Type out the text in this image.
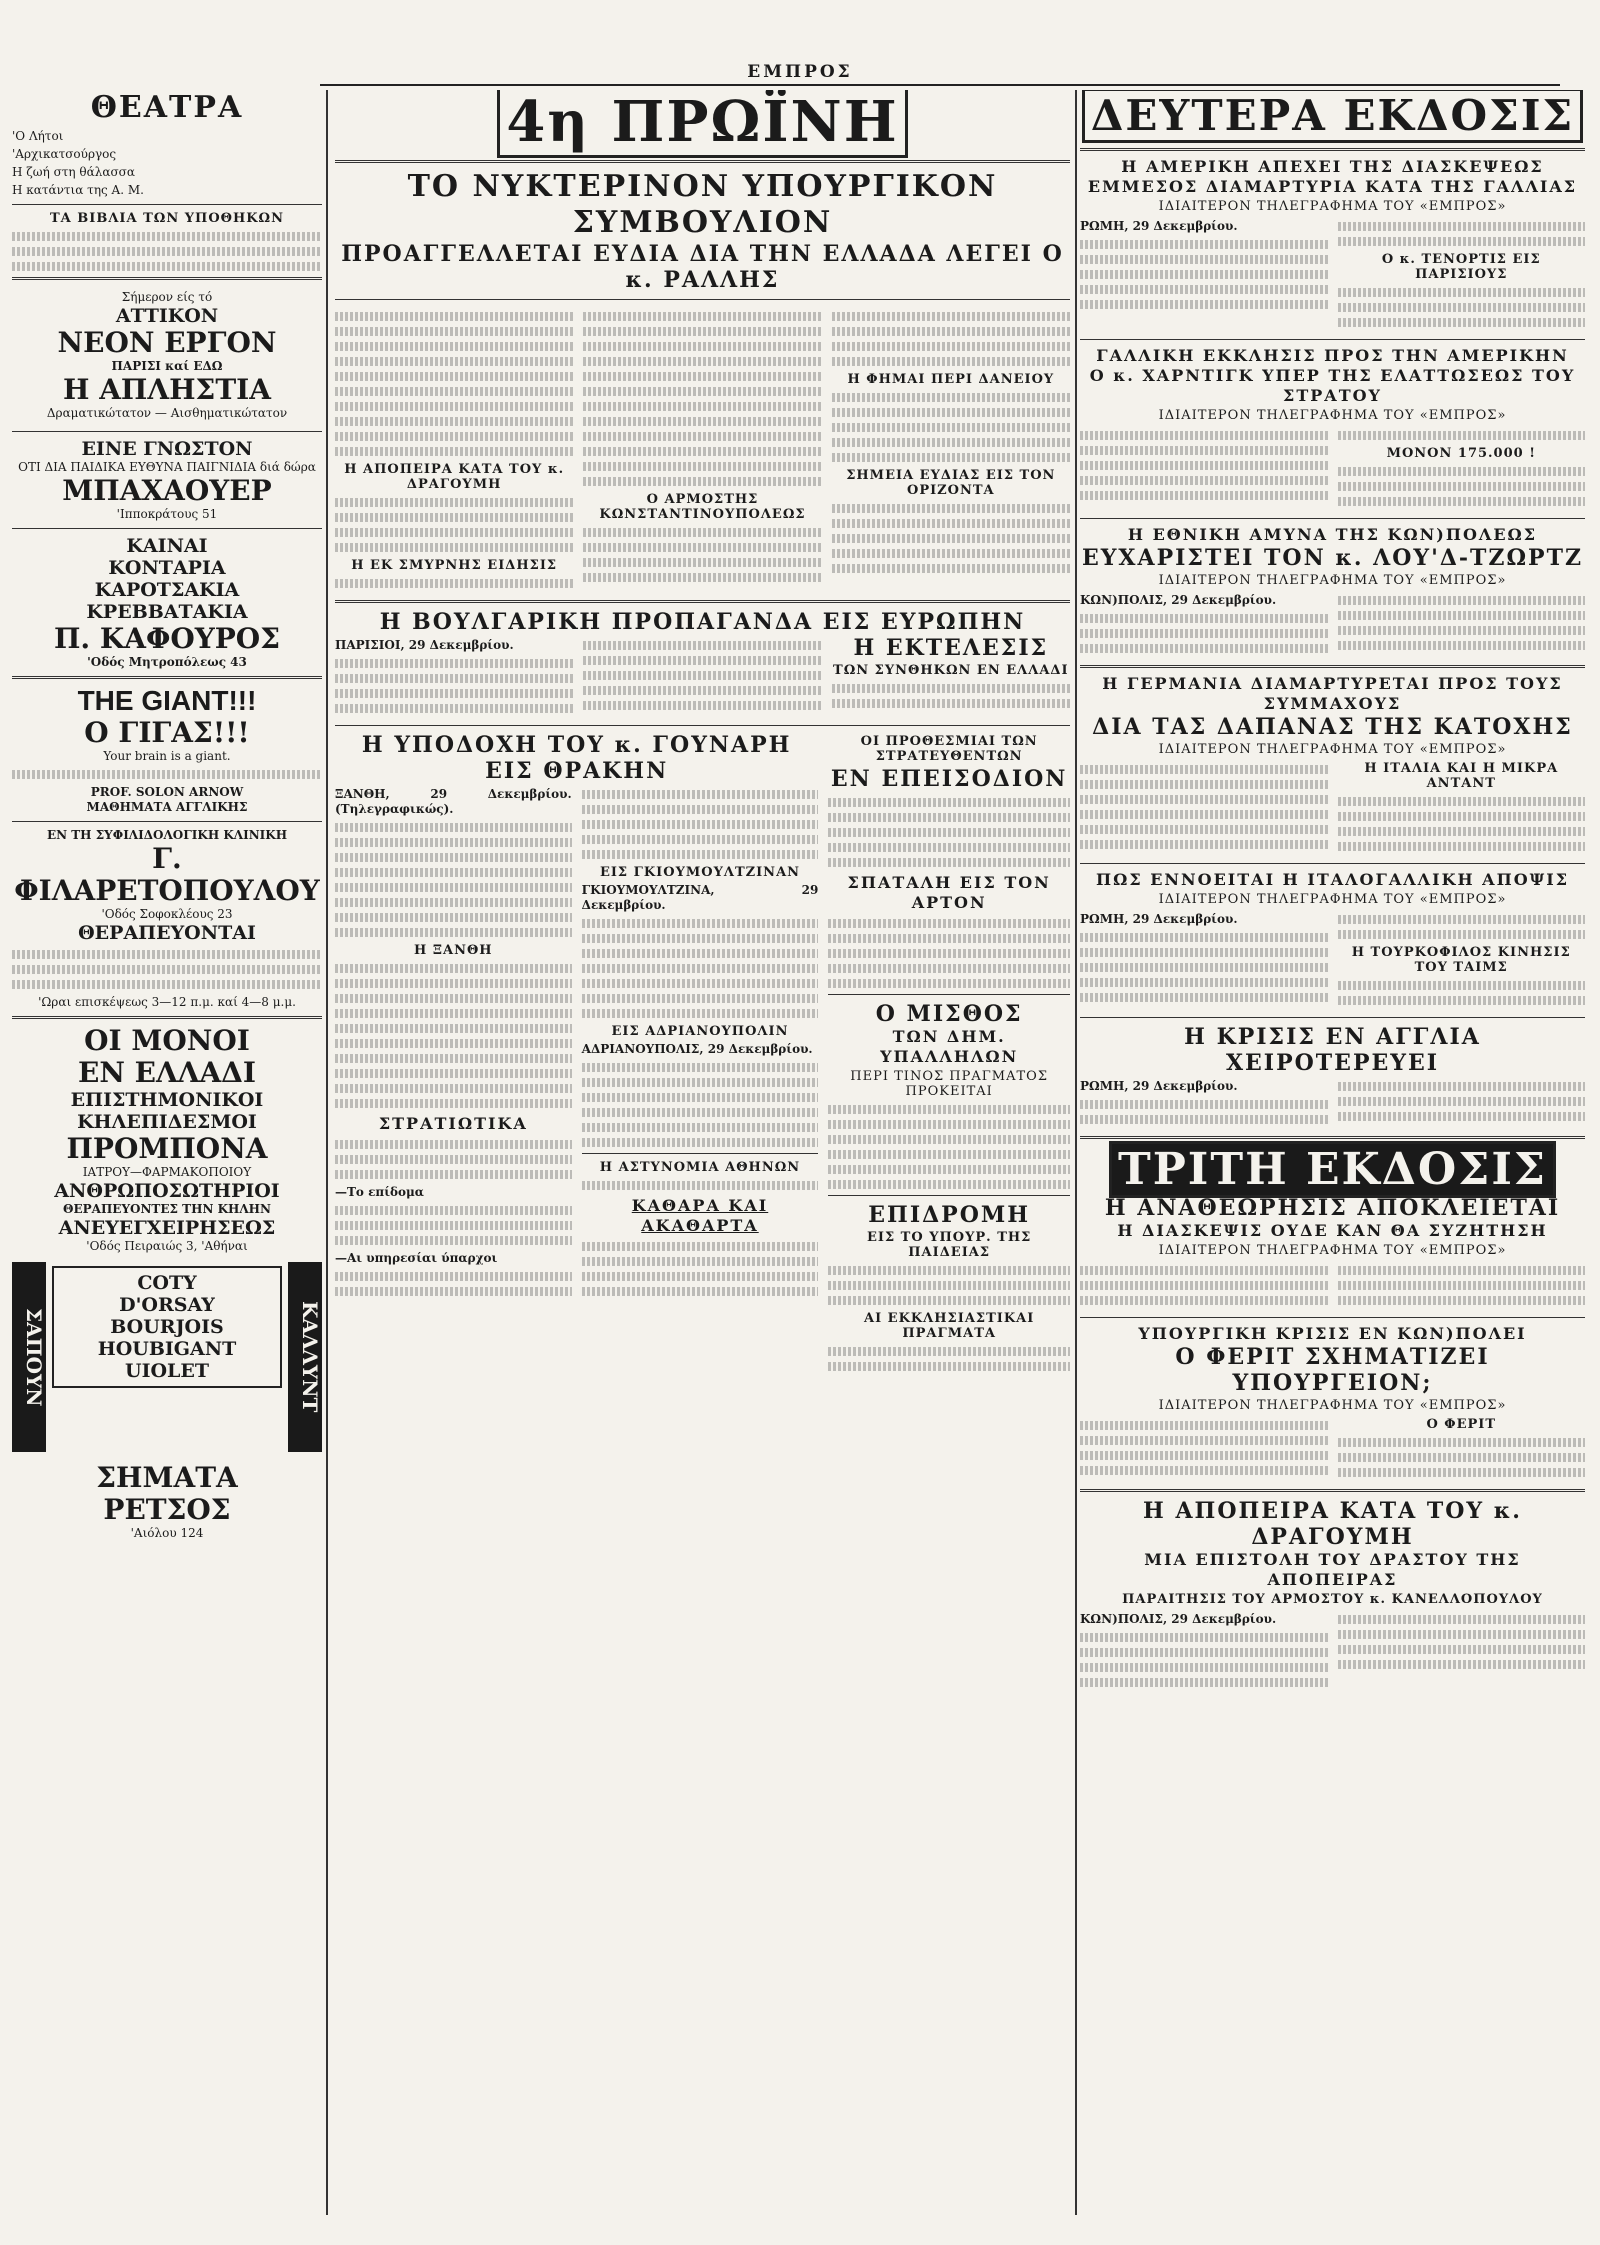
ΕΜΠΡΟΣ
ΘΕΑΤΡΑ
'Ο Λήτοι
'Αρχικατσούργος
Η ζωή στη θάλασσα
Η κατάντια της Α. Μ.
ΤΑ ΒΙΒΛΙΑ ΤΩΝ ΥΠΟΘΗΚΩΝ
Σήμερον είς τό
ΑΤΤΙΚΟΝ
ΝΕΟΝ ΕΡΓΟΝ
ΠΑΡΙΣΙ καί ΕΔΩ
Η ΑΠΛΗΣΤΙΑ
Δραματικώτατον — Αισθηματικώτατον
ΕΙΝΕ ΓΝΩΣΤΟΝ
ΟΤΙ ΔΙΑ ΠΑΙΔΙΚΑ ΕΥΘΥΝΑ ΠΑΙΓΝΙΔΙΑ διά δώρα
ΜΠΑΧΑΟΥΕΡ
'Ιπποκράτους 51
ΚΑΙΝΑΙ
ΚΟΝΤΑΡΙΑ
ΚΑΡΟΤΣΑΚΙΑ
ΚΡΕΒΒΑΤΑΚΙΑ
Π. ΚΑΦΟΥΡΟΣ
'Οδός Μητροπόλεως 43
THE GIANT!!!
Ο ΓΙΓΑΣ!!!
Your brain is a giant.
PROF. SOLON ARNOW
ΜΑΘΗΜΑΤΑ ΑΓΓΛΙΚΗΣ
ΕΝ ΤΗ ΣΥΦΙΛΙΔΟΛΟΓΙΚΗ ΚΛΙΝΙΚΗ
Γ. ΦΙΛΑΡΕΤΟΠΟΥΛΟΥ
'Οδός Σοφοκλέους 23
ΘΕΡΑΠΕΥΟΝΤΑΙ
'Ωραι επισκέψεως 3—12 π.μ. καί 4—8 μ.μ.
ΟΙ ΜΟΝΟΙ
ΕΝ ΕΛΛΑΔΙ
ΕΠΙΣΤΗΜΟΝΙΚΟΙ
ΚΗΛΕΠΙΔΕΣΜΟΙ
ΠΡΟΜΠΟΝΑ
ΙΑΤΡΟΥ—ΦΑΡΜΑΚΟΠΟΙΟΥ
ΑΝΘΡΩΠΟΣΩΤΗΡΙΟΙ
ΘΕΡΑΠΕΥΟΝΤΕΣ ΤΗΝ ΚΗΛΗΝ
ΑΝΕΥΕΓΧΕΙΡΗΣΕΩΣ
'Οδός Πειραιώς 3, 'Αθήναι
ΣΑΠΟΥΝ
COTY
D'ORSAY
BOURJOIS
HOUBIGANT
UIOLET	ΚΑΛΛΥΝΤ
ΣΗΜΑΤΑ
ΡΕΤΣΟΣ
'Αιόλου 124
4η ΠΡΩΪΝΗ
ΤΟ ΝΥΚΤΕΡΙΝΟΝ ΥΠΟΥΡΓΙΚΟΝ ΣΥΜΒΟΥΛΙΟΝ
ΠΡΟΑΓΓΕΛΛΕΤΑΙ ΕΥΔΙΑ ΔΙΑ ΤΗΝ ΕΛΛΑΔΑ ΛΕΓΕΙ Ο κ. ΡΑΛΛΗΣ
Η ΑΠΟΠΕΙΡΑ ΚΑΤΑ ΤΟΥ κ. ΔΡΑΓΟΥΜΗ
Η ΕΚ ΣΜΥΡΝΗΣ ΕΙΔΗΣΙΣ
Ο ΑΡΜΟΣΤΗΣ ΚΩΝΣΤΑΝΤΙΝΟΥΠΟΛΕΩΣ
Η ΦΗΜΑΙ ΠΕΡΙ ΔΑΝΕΙΟΥ
ΣΗΜΕΙΑ ΕΥΔΙΑΣ ΕΙΣ ΤΟΝ ΟΡΙΖΟΝΤΑ
Η ΒΟΥΛΓΑΡΙΚΗ ΠΡΟΠΑΓΑΝΔΑ ΕΙΣ ΕΥΡΩΠΗΝ
ΠΑΡΙΣΙΟΙ, 29 Δεκεμβρίου.	Η ΕΚΤΕΛΕΣΙΣ
ΤΩΝ ΣΥΝΘΗΚΩΝ ΕΝ ΕΛΛΑΔΙ
Η ΥΠΟΔΟΧΗ ΤΟΥ κ. ΓΟΥΝΑΡΗ ΕΙΣ ΘΡΑΚΗΝ
ΞΑΝΘΗ, 29 Δεκεμβρίου. (Τηλεγραφικώς).
Η ΞΑΝΘΗ
ΣΤΡΑΤΙΩΤΙΚΑ
—Το επίδομα
—Αι υπηρεσίαι ύπαρχοι
ΕΙΣ ΓΚΙΟΥΜΟΥΛΤΖΙΝΑΝ
ΓΚΙΟΥΜΟΥΛΤΖΙΝΑ, 29 Δεκεμβρίου.
ΕΙΣ ΑΔΡΙΑΝΟΥΠΟΛΙΝ
ΑΔΡΙΑΝΟΥΠΟΛΙΣ, 29 Δεκεμβρίου.
Η ΑΣΤΥΝΟΜΙΑ ΑΘΗΝΩΝ
ΚΑΘΑΡΑ ΚΑΙ ΑΚΑΘΑΡΤΑ
ΟΙ ΠΡΟΘΕΣΜΙΑΙ ΤΩΝ ΣΤΡΑΤΕΥΘΕΝΤΩΝ
ΕΝ ΕΠΕΙΣΟΔΙΟΝ
ΣΠΑΤΑΛΗ ΕΙΣ ΤΟΝ ΑΡΤΟΝ
Ο ΜΙΣΘΟΣ
ΤΩΝ ΔΗΜ. ΥΠΑΛΛΗΛΩΝ
ΠΕΡΙ ΤΙΝΟΣ ΠΡΑΓΜΑΤΟΣ ΠΡΟΚΕΙΤΑΙ
ΕΠΙΔΡΟΜΗ
ΕΙΣ ΤΟ ΥΠΟΥΡ. ΤΗΣ ΠΑΙΔΕΙΑΣ
ΑΙ ΕΚΚΛΗΣΙΑΣΤΙΚΑΙ ΠΡΑΓΜΑΤΑ
ΔΕΥΤΕΡΑ ΕΚΔΟΣΙΣ
Η ΑΜΕΡΙΚΗ ΑΠΕΧΕΙ ΤΗΣ ΔΙΑΣΚΕΨΕΩΣ
ΕΜΜΕΣΟΣ ΔΙΑΜΑΡΤΥΡΙΑ ΚΑΤΑ ΤΗΣ ΓΑΛΛΙΑΣ
ΙΔΙΑΙΤΕΡΟΝ ΤΗΛΕΓΡΑΦΗΜΑ ΤΟΥ «ΕΜΠΡΟΣ»
ΡΩΜΗ, 29 Δεκεμβρίου.
Ο κ. ΤΕΝΟΡΤΙΣ ΕΙΣ ΠΑΡΙΣΙΟΥΣ
ΓΑΛΛΙΚΗ ΕΚΚΛΗΣΙΣ ΠΡΟΣ ΤΗΝ ΑΜΕΡΙΚΗΝ
Ο κ. ΧΑΡΝΤΙΓΚ ΥΠΕΡ ΤΗΣ ΕΛΑΤΤΩΣΕΩΣ ΤΟΥ ΣΤΡΑΤΟΥ
ΙΔΙΑΙΤΕΡΟΝ ΤΗΛΕΓΡΑΦΗΜΑ ΤΟΥ «ΕΜΠΡΟΣ»
ΜΟΝΟΝ 175.000 !
Η ΕΘΝΙΚΗ ΑΜΥΝΑ ΤΗΣ ΚΩΝ)ΠΟΛΕΩΣ
ΕΥΧΑΡΙΣΤΕΙ ΤΟΝ κ. ΛΟΥ'Δ-ΤΖΩΡΤΖ
ΙΔΙΑΙΤΕΡΟΝ ΤΗΛΕΓΡΑΦΗΜΑ ΤΟΥ «ΕΜΠΡΟΣ»
ΚΩΝ)ΠΟΛΙΣ, 29 Δεκεμβρίου.
Η ΓΕΡΜΑΝΙΑ ΔΙΑΜΑΡΤΥΡΕΤΑΙ ΠΡΟΣ ΤΟΥΣ ΣΥΜΜΑΧΟΥΣ
ΔΙΑ ΤΑΣ ΔΑΠΑΝΑΣ ΤΗΣ ΚΑΤΟΧΗΣ
ΙΔΙΑΙΤΕΡΟΝ ΤΗΛΕΓΡΑΦΗΜΑ ΤΟΥ «ΕΜΠΡΟΣ»
Η ΙΤΑΛΙΑ ΚΑΙ Η ΜΙΚΡΑ ΑΝΤΑΝΤ
ΠΩΣ ΕΝΝΟΕΙΤΑΙ Η ΙΤΑΛΟΓΑΛΛΙΚΗ ΑΠΟΨΙΣ
ΙΔΙΑΙΤΕΡΟΝ ΤΗΛΕΓΡΑΦΗΜΑ ΤΟΥ «ΕΜΠΡΟΣ»
ΡΩΜΗ, 29 Δεκεμβρίου.
Η ΤΟΥΡΚΟΦΙΛΟΣ ΚΙΝΗΣΙΣ ΤΟΥ ΤΑΙΜΣ
Η ΚΡΙΣΙΣ ΕΝ ΑΓΓΛΙΑ ΧΕΙΡΟΤΕΡΕΥΕΙ
ΡΩΜΗ, 29 Δεκεμβρίου.
ΤΡΙΤΗ ΕΚΔΟΣΙΣ
Η ΑΝΑΘΕΩΡΗΣΙΣ ΑΠΟΚΛΕΙΕΤΑΙ
Η ΔΙΑΣΚΕΨΙΣ ΟΥΔΕ ΚΑΝ ΘΑ ΣΥΖΗΤΗΣΗ
ΙΔΙΑΙΤΕΡΟΝ ΤΗΛΕΓΡΑΦΗΜΑ ΤΟΥ «ΕΜΠΡΟΣ»
ΥΠΟΥΡΓΙΚΗ ΚΡΙΣΙΣ ΕΝ ΚΩΝ)ΠΟΛΕΙ
Ο ΦΕΡΙΤ ΣΧΗΜΑΤΙΖΕΙ ΥΠΟΥΡΓΕΙΟΝ;
ΙΔΙΑΙΤΕΡΟΝ ΤΗΛΕΓΡΑΦΗΜΑ ΤΟΥ «ΕΜΠΡΟΣ»
Ο ΦΕΡΙΤ
Η ΑΠΟΠΕΙΡΑ ΚΑΤΑ ΤΟΥ κ. ΔΡΑΓΟΥΜΗ
ΜΙΑ ΕΠΙΣΤΟΛΗ ΤΟΥ ΔΡΑΣΤΟΥ ΤΗΣ ΑΠΟΠΕΙΡΑΣ
ΠΑΡΑΙΤΗΣΙΣ ΤΟΥ ΑΡΜΟΣΤΟΥ κ. ΚΑΝΕΛΛΟΠΟΥΛΟΥ
ΚΩΝ)ΠΟΛΙΣ, 29 Δεκεμβρίου.
